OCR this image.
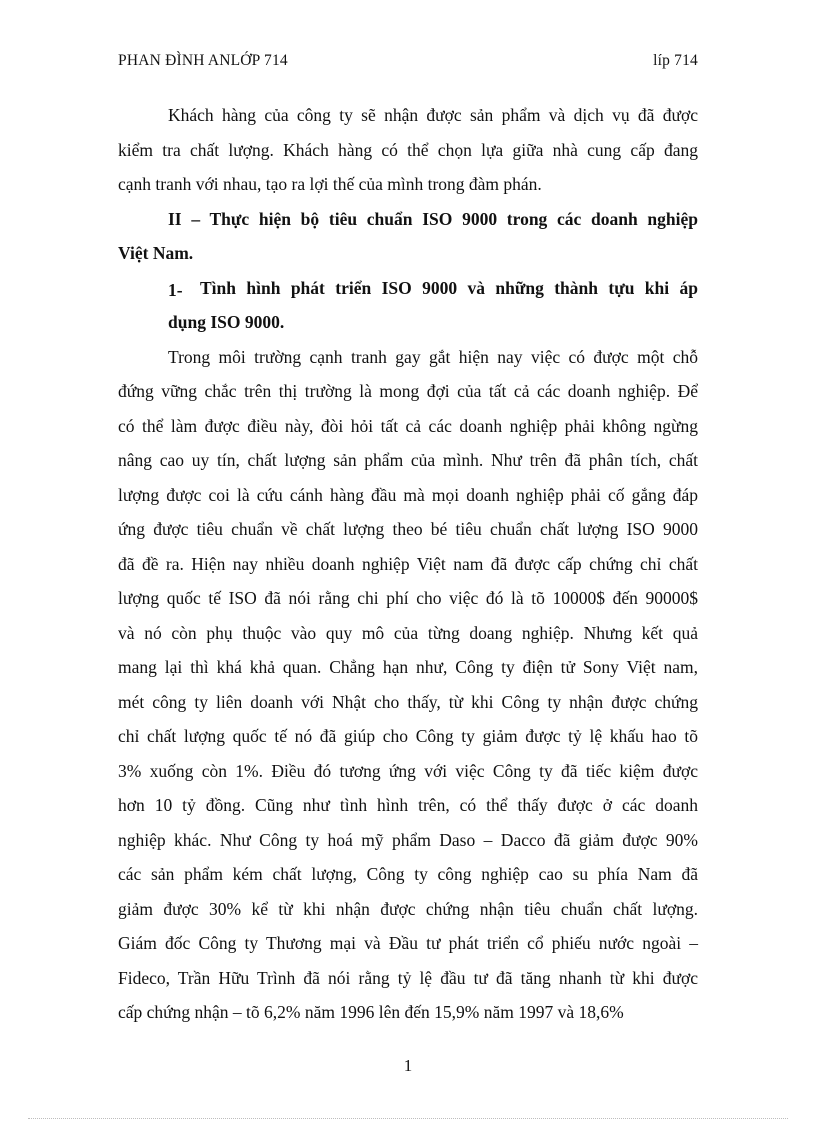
PHAN ĐÌNH ANLỚP 714	líp 714
Khách hàng của công ty sẽ nhận được sản phẩm và dịch vụ đã được
kiểm tra chất lượng. Khách hàng có thể chọn lựa giữa nhà cung cấp đang
cạnh tranh với nhau, tạo ra lợi thế của mình trong đàm phán.
II – Thực hiện bộ tiêu chuẩn ISO 9000 trong các doanh nghiệp
Việt Nam.
1- Tình hình phát triển ISO 9000 và những thành tựu khi áp
dụng ISO 9000.
Trong môi trường cạnh tranh gay gắt hiện nay việc có được một chỗ
đứng vững chắc trên thị trường là mong đợi của tất cả các doanh nghiệp. Để
có thể làm được điều này, đòi hỏi tất cả các doanh nghiệp phải không ngừng
nâng cao uy tín, chất lượng sản phẩm của mình. Như trên đã phân tích, chất
lượng được coi là cứu cánh hàng đầu mà mọi doanh nghiệp phải cố gắng đáp
ứng được tiêu chuẩn về chất lượng theo bé tiêu chuẩn chất lượng ISO 9000
đã đề ra. Hiện nay nhiều doanh nghiệp Việt nam đã được cấp chứng chỉ chất
lượng quốc tế ISO đã nói rằng chi phí cho việc đó là tõ 10000$ đến 90000$
và nó còn phụ thuộc vào quy mô của từng doang nghiệp. Nhưng kết quả
mang lại thì khá khả quan. Chẳng hạn như, Công ty điện tử Sony Việt nam,
mét công ty liên doanh với Nhật cho thấy, từ khi Công ty nhận được chứng
chỉ chất lượng quốc tế nó đã giúp cho Công ty giảm được tỷ lệ khấu hao tõ
3% xuống còn 1%. Điều đó tương ứng với việc Công ty đã tiếc kiệm được
hơn 10 tỷ đồng. Cũng như tình hình trên, có thể thấy được ở các doanh
nghiệp khác. Như Công ty hoá mỹ phẩm Daso – Dacco đã giảm được 90%
các sản phẩm kém chất lượng, Công ty công nghiệp cao su phía Nam đã
giảm được 30% kể từ khi nhận được chứng nhận tiêu chuẩn chất lượng.
Giám đốc Công ty Thương mại và Đầu tư phát triển cổ phiếu nước ngoài –
Fideco, Trần Hữu Trình đã nói rằng tỷ lệ đầu tư đã tăng nhanh từ khi được
cấp chứng nhận – tõ 6,2% năm 1996 lên đến 15,9% năm 1997 và 18,6%
1
